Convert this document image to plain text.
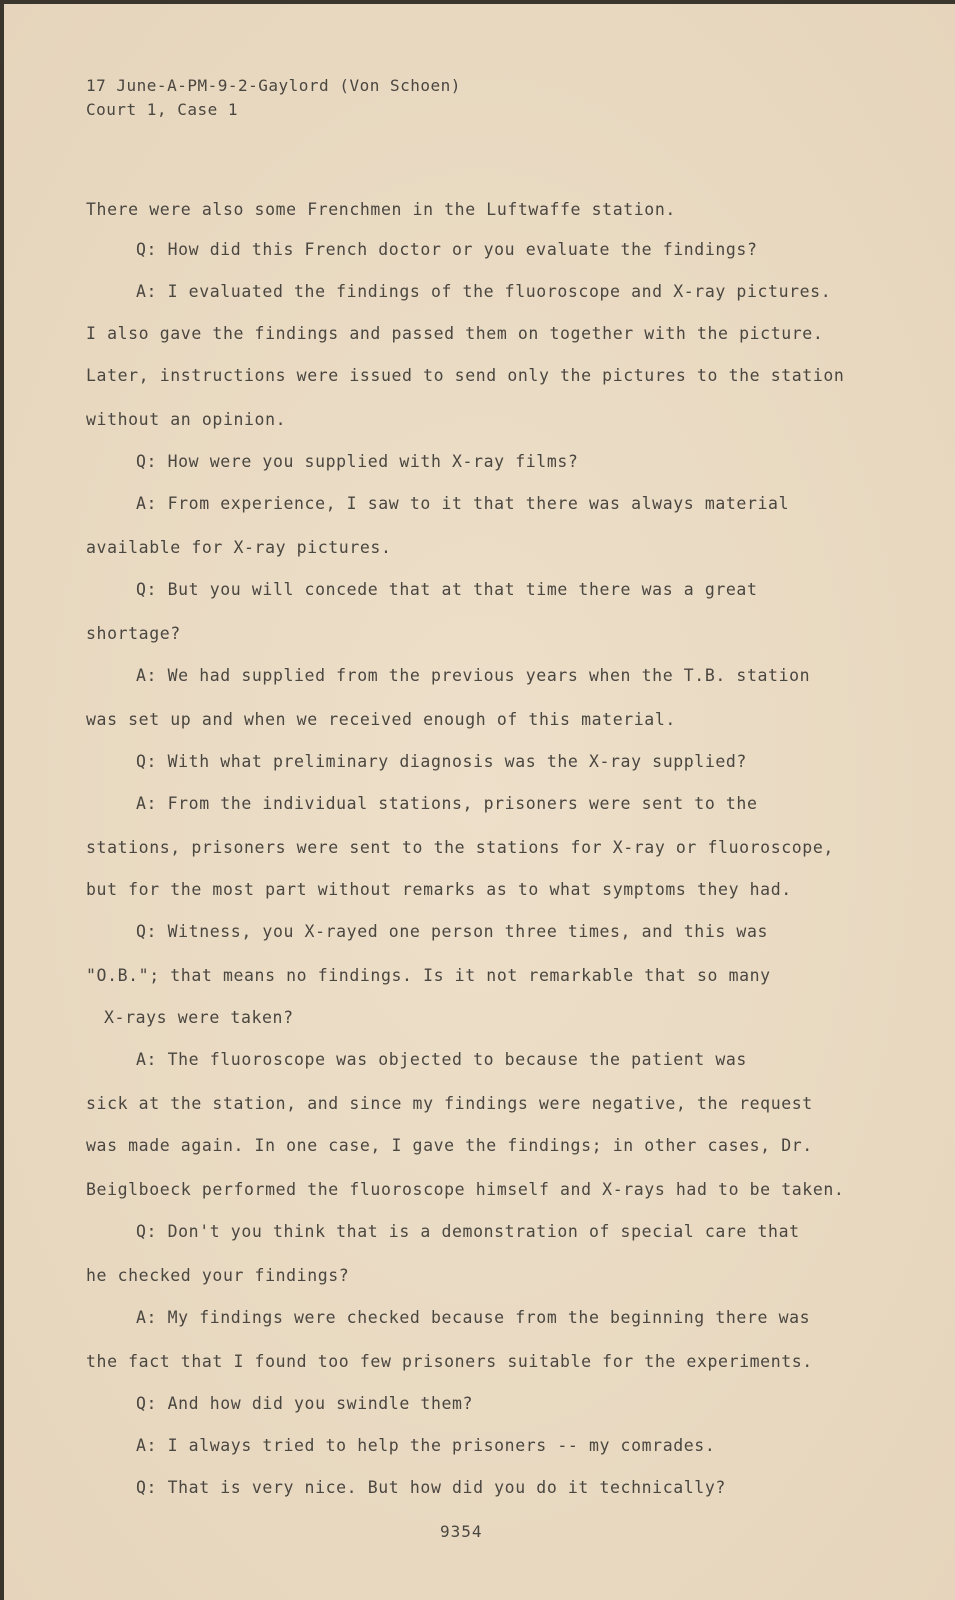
17 June-A-PM-9-2-Gaylord (Von Schoen)
Court 1, Case 1
There were also some Frenchmen in the Luftwaffe station.
Q: How did this French doctor or you evaluate the findings?
A: I evaluated the findings of the fluoroscope and X-ray pictures.
I also gave the findings and passed them on together with the picture.
Later, instructions were issued to send only the pictures to the station
without an opinion.
Q: How were you supplied with X-ray films?
A: From experience, I saw to it that there was always material
available for X-ray pictures.
Q: But you will concede that at that time there was a great
shortage?
A: We had supplied from the previous years when the T.B. station
was set up and when we received enough of this material.
Q: With what preliminary diagnosis was the X-ray supplied?
A: From the individual stations, prisoners were sent to the
stations, prisoners were sent to the stations for X-ray or fluoroscope,
but for the most part without remarks as to what symptoms they had.
Q: Witness, you X-rayed one person three times, and this was
"O.B."; that means no findings. Is it not remarkable that so many
X-rays were taken?
A: The fluoroscope was objected to because the patient was
sick at the station, and since my findings were negative, the request
was made again. In one case, I gave the findings; in other cases, Dr.
Beiglboeck performed the fluoroscope himself and X-rays had to be taken.
Q: Don't you think that is a demonstration of special care that
he checked your findings?
A: My findings were checked because from the beginning there was
the fact that I found too few prisoners suitable for the experiments.
Q: And how did you swindle them?
A: I always tried to help the prisoners -- my comrades.
Q: That is very nice. But how did you do it technically?
9354
